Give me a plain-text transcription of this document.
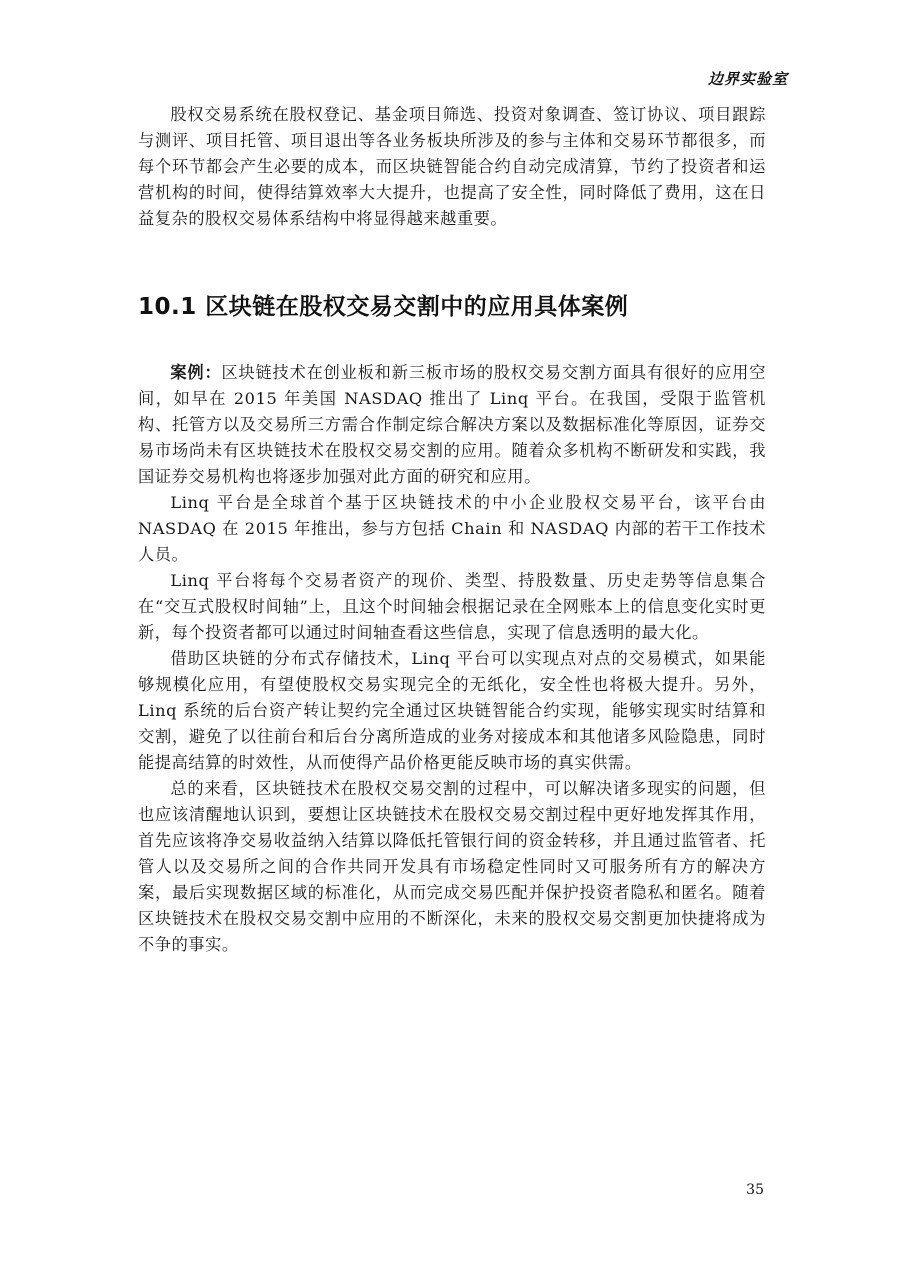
边界实验室

股权交易系统在股权登记、基金项目筛选、投资对象调查、签订协议、项目跟踪与测评、项目托管、项目退出等各业务板块所涉及的参与主体和交易环节都很多，而每个环节都会产生必要的成本，而区块链智能合约自动完成清算，节约了投资者和运营机构的时间，使得结算效率大大提升，也提高了安全性，同时降低了费用，这在日益复杂的股权交易体系结构中将显得越来越重要。

10.1 区块链在股权交易交割中的应用具体案例

案例：区块链技术在创业板和新三板市场的股权交易交割方面具有很好的应用空间，如早在 2015 年美国 NASDAQ 推出了 Linq 平台。在我国，受限于监管机构、托管方以及交易所三方需合作制定综合解决方案以及数据标准化等原因，证券交易市场尚未有区块链技术在股权交易交割的应用。随着众多机构不断研发和实践，我国证券交易机构也将逐步加强对此方面的研究和应用。

Linq 平台是全球首个基于区块链技术的中小企业股权交易平台，该平台由 NASDAQ 在 2015 年推出，参与方包括 Chain 和 NASDAQ 内部的若干工作技术人员。

Linq 平台将每个交易者资产的现价、类型、持股数量、历史走势等信息集合在“交互式股权时间轴”上，且这个时间轴会根据记录在全网账本上的信息变化实时更新，每个投资者都可以通过时间轴查看这些信息，实现了信息透明的最大化。

借助区块链的分布式存储技术，Linq 平台可以实现点对点的交易模式，如果能够规模化应用，有望使股权交易实现完全的无纸化，安全性也将极大提升。另外，Linq 系统的后台资产转让契约完全通过区块链智能合约实现，能够实现实时结算和交割，避免了以往前台和后台分离所造成的业务对接成本和其他诸多风险隐患，同时能提高结算的时效性，从而使得产品价格更能反映市场的真实供需。

总的来看，区块链技术在股权交易交割的过程中，可以解决诸多现实的问题，但也应该清醒地认识到，要想让区块链技术在股权交易交割过程中更好地发挥其作用，首先应该将净交易收益纳入结算以降低托管银行间的资金转移，并且通过监管者、托管人以及交易所之间的合作共同开发具有市场稳定性同时又可服务所有方的解决方案，最后实现数据区域的标准化，从而完成交易匹配并保护投资者隐私和匿名。随着区块链技术在股权交易交割中应用的不断深化，未来的股权交易交割更加快捷将成为不争的事实。

35
